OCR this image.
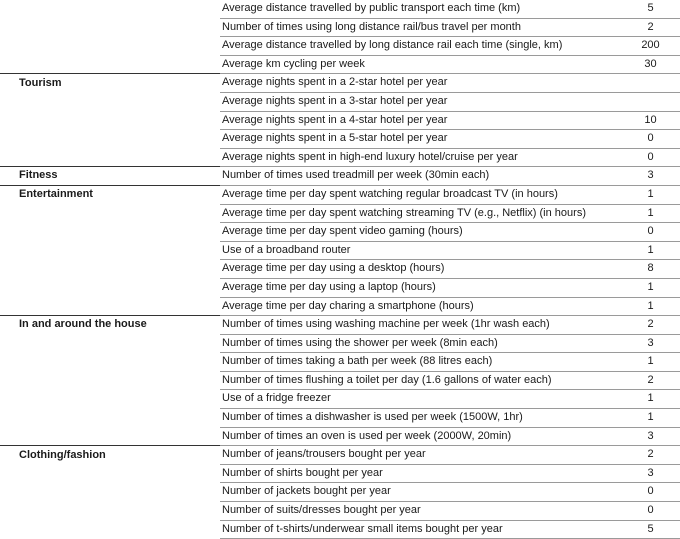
	Average distance travelled by public transport each time (km)	5
	Number of times using long distance rail/bus travel per month	2
	Average distance travelled by long distance rail each time (single, km)	200
	Average km cycling per week	30
Tourism	Average nights spent in a 2-star hotel per year	
	Average nights spent in a 3-star hotel per year	
	Average nights spent in a 4-star hotel per year	10
	Average nights spent in a 5-star hotel per year	0
	Average nights spent in high-end luxury hotel/cruise per year	0
Fitness	Number of times used treadmill per week (30min each)	3
Entertainment	Average time per day spent watching regular broadcast TV (in hours)	1
	Average time per day spent watching streaming TV (e.g., Netflix) (in hours)	1
	Average time per day spent video gaming (hours)	0
	Use of a broadband router	1
	Average time per day using a desktop (hours)	8
	Average time per day using a laptop (hours)	1
	Average time per day charing a smartphone (hours)	1
In and around the house	Number of times using washing machine per week (1hr wash each)	2
	Number of times using the shower per week (8min each)	3
	Number of times taking a bath per week (88 litres each)	1
	Number of times flushing a toilet per day (1.6 gallons of water each)	2
	Use of a fridge freezer	1
	Number of times a dishwasher is used per week (1500W, 1hr)	1
	Number of times an oven is used per week (2000W, 20min)	3
Clothing/fashion	Number of jeans/trousers bought per year	2
	Number of shirts bought per year	3
	Number of jackets bought per year	0
	Number of suits/dresses bought per year	0
	Number of t-shirts/underwear small items bought per year	5
